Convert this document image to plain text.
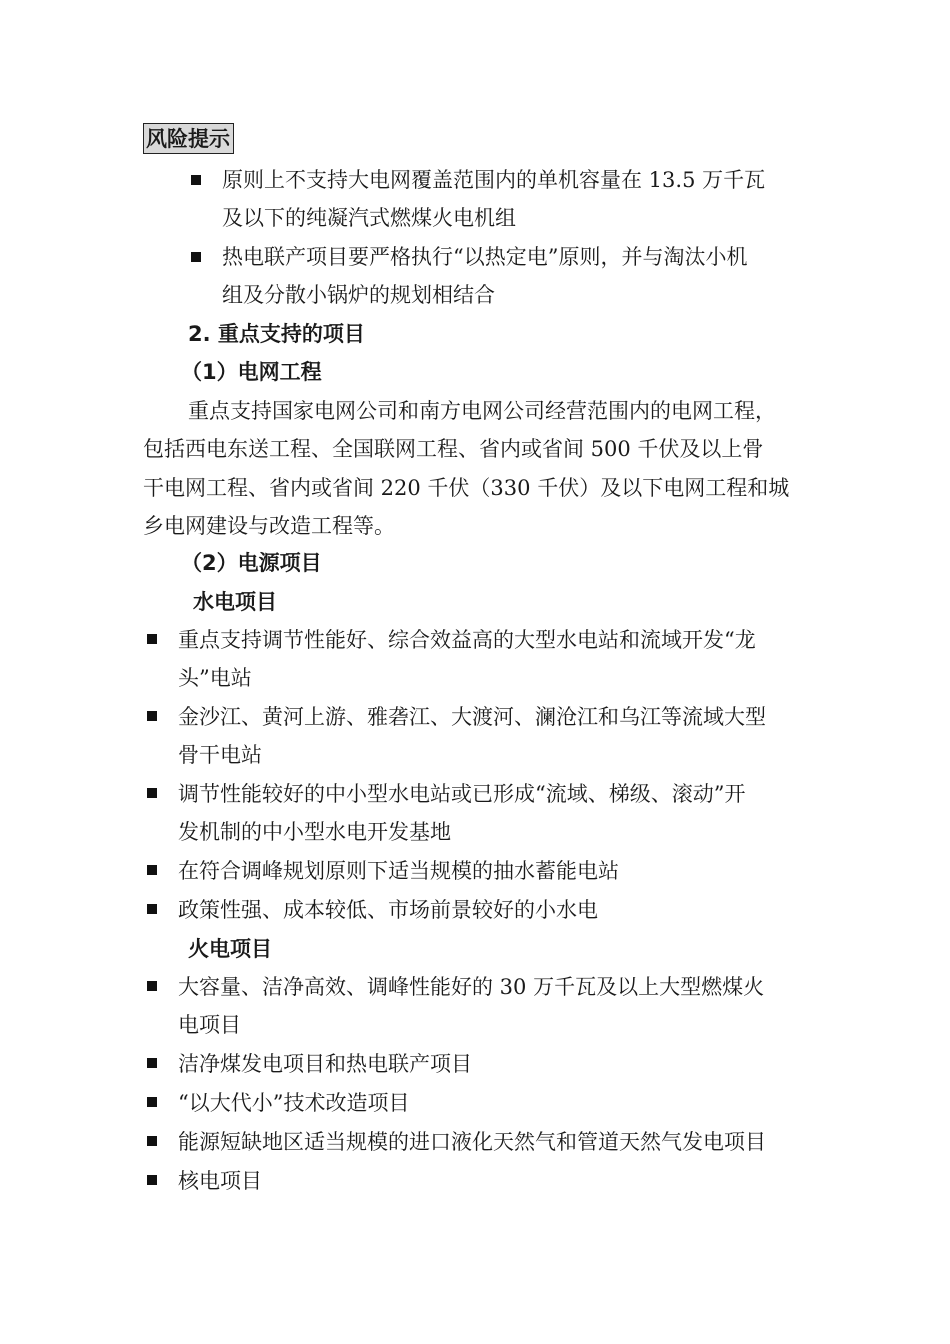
风险提示
原则上不支持大电网覆盖范围内的单机容量在 13.5 万千瓦
及以下的纯凝汽式燃煤火电机组
热电联产项目要严格执行“以热定电”原则，并与淘汰小机
组及分散小锅炉的规划相结合
2. 重点支持的项目
（1）电网工程
重点支持国家电网公司和南方电网公司经营范围内的电网工程，
包括西电东送工程、全国联网工程、省内或省间 500 千伏及以上骨
干电网工程、省内或省间 220 千伏（330 千伏）及以下电网工程和城
乡电网建设与改造工程等。
（2）电源项目
水电项目
重点支持调节性能好、综合效益高的大型水电站和流域开发“龙
头”电站
金沙江、黄河上游、雅砻江、大渡河、澜沧江和乌江等流域大型
骨干电站
调节性能较好的中小型水电站或已形成“流域、梯级、滚动”开
发机制的中小型水电开发基地
在符合调峰规划原则下适当规模的抽水蓄能电站
政策性强、成本较低、市场前景较好的小水电
火电项目
大容量、洁净高效、调峰性能好的 30 万千瓦及以上大型燃煤火
电项目
洁净煤发电项目和热电联产项目
“以大代小”技术改造项目
能源短缺地区适当规模的进口液化天然气和管道天然气发电项目
核电项目
